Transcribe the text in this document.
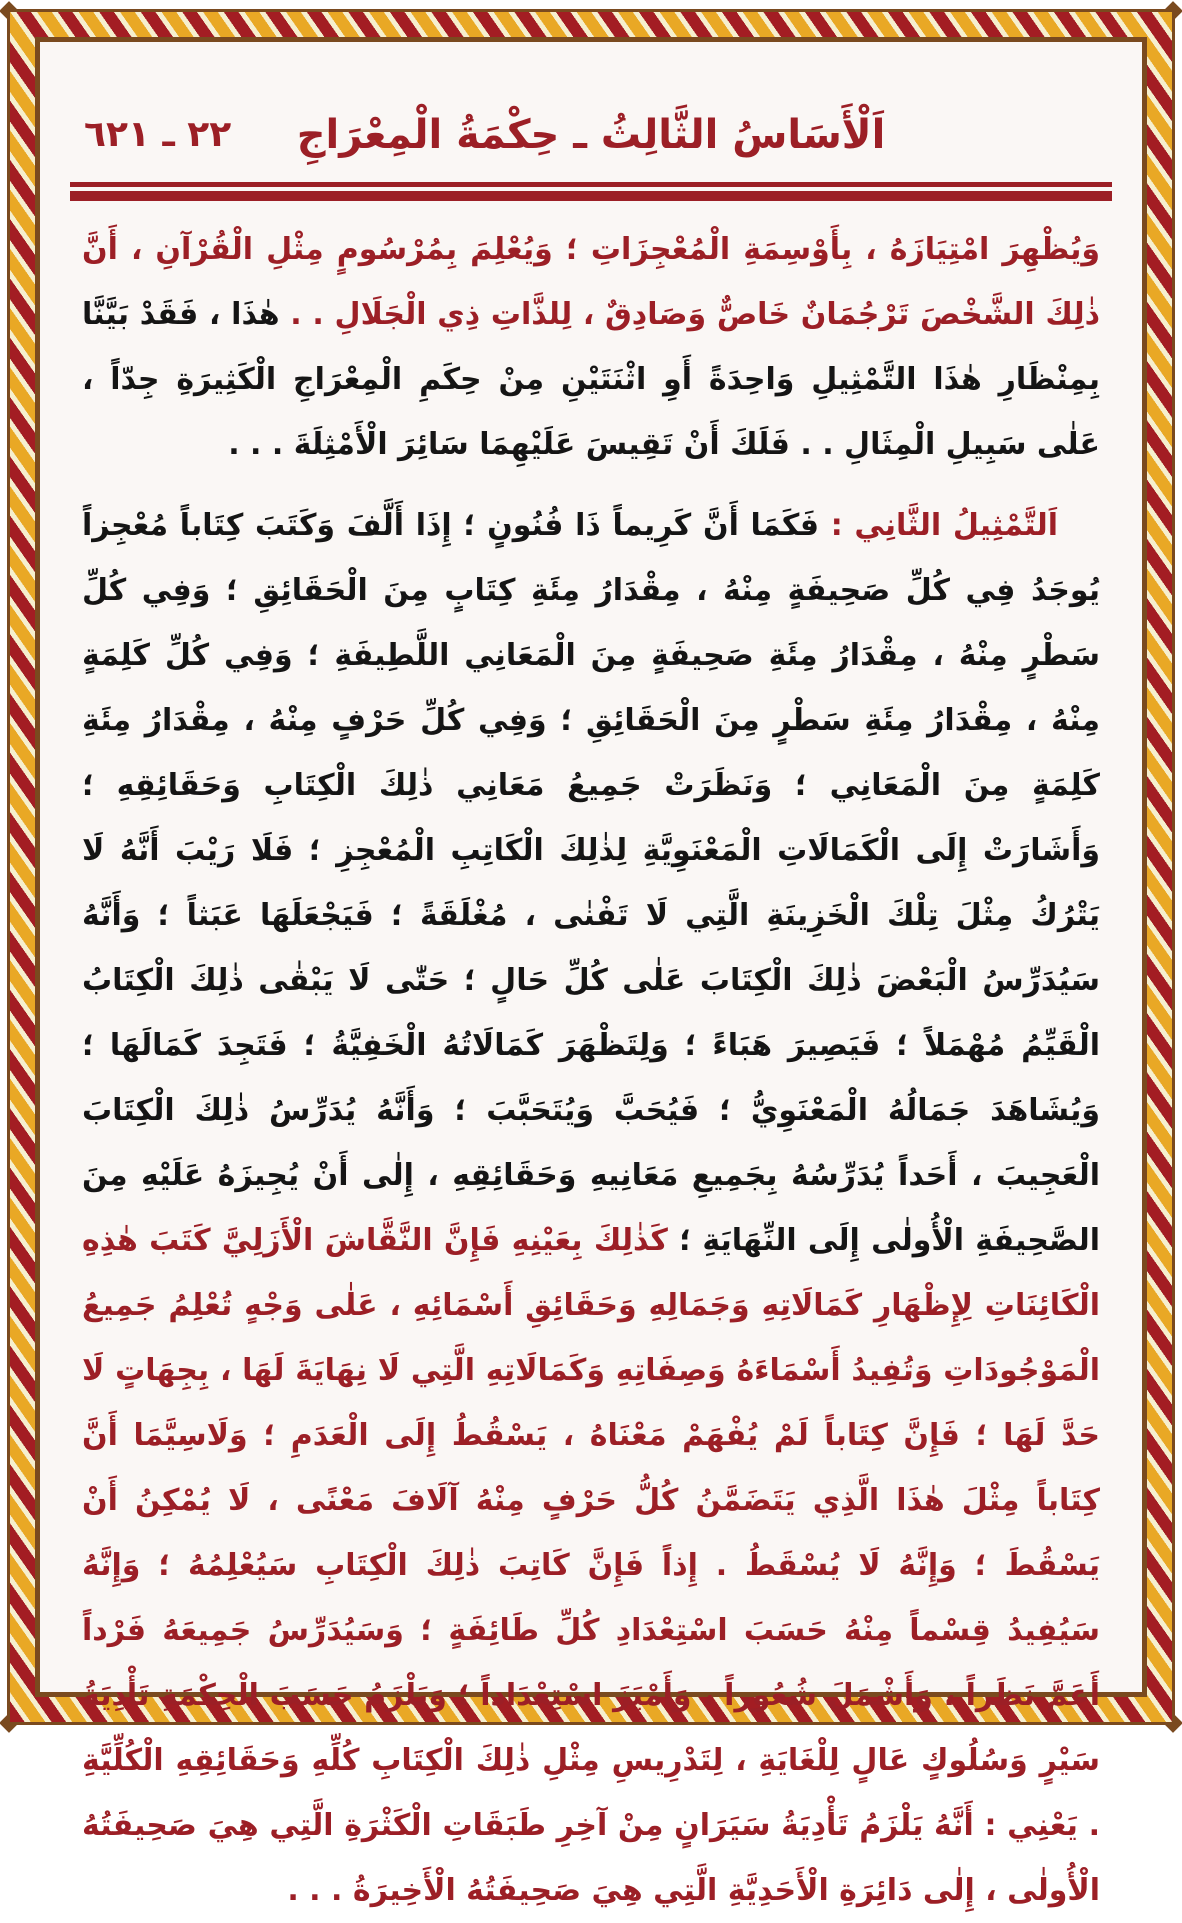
اَلْأَسَاسُ الثَّالِثُ ـ حِكْمَةُ الْمِعْرَاجِ
٢٢ ـ ٦٢١

وَيُظْهِرَ امْتِيَازَهُ ، بِأَوْسِمَةِ الْمُعْجِزَاتِ ؛ وَيُعْلِمَ بِمُرْسُومٍ مِثْلِ الْقُرْآنِ ، أَنَّ ذٰلِكَ الشَّخْصَ تَرْجُمَانٌ خَاصٌّ وَصَادِقٌ ، لِلذَّاتِ ذِي الْجَلَالِ . . هٰذَا ، فَقَدْ بَيَّنَّا بِمِنْظَارِ هٰذَا التَّمْثِيلِ وَاحِدَةً أَوِ اثْنَتَيْنِ مِنْ حِكَمِ الْمِعْرَاجِ الْكَثِيرَةِ جِدّاً ، عَلٰى سَبِيلِ الْمِثَالِ . . فَلَكَ أَنْ تَقِيسَ عَلَيْهِمَا سَائِرَ الْأَمْثِلَةَ . . .

اَلتَّمْثِيلُ الثَّانِي : فَكَمَا أَنَّ كَرِيماً ذَا فُنُونٍ ؛ إِذَا أَلَّفَ وَكَتَبَ كِتَاباً مُعْجِزاً يُوجَدُ فِي كُلِّ صَحِيفَةٍ مِنْهُ ، مِقْدَارُ مِئَةِ كِتَابٍ مِنَ الْحَقَائِقِ ؛ وَفِي كُلِّ سَطْرٍ مِنْهُ ، مِقْدَارُ مِئَةِ صَحِيفَةٍ مِنَ الْمَعَانِي اللَّطِيفَةِ ؛ وَفِي كُلِّ كَلِمَةٍ مِنْهُ ، مِقْدَارُ مِئَةِ سَطْرٍ مِنَ الْحَقَائِقِ ؛ وَفِي كُلِّ حَرْفٍ مِنْهُ ، مِقْدَارُ مِئَةِ كَلِمَةٍ مِنَ الْمَعَانِي ؛ وَنَظَرَتْ جَمِيعُ مَعَانِي ذٰلِكَ الْكِتَابِ وَحَقَائِقِهِ ؛ وَأَشَارَتْ إِلَى الْكَمَالَاتِ الْمَعْنَوِيَّةِ لِذٰلِكَ الْكَاتِبِ الْمُعْجِزِ ؛ فَلَا رَيْبَ أَنَّهُ لَا يَتْرُكُ مِثْلَ تِلْكَ الْخَزِينَةِ الَّتِي لَا تَفْنٰى ، مُغْلَقَةً ؛ فَيَجْعَلَهَا عَبَثاً ؛ وَأَنَّهُ سَيُدَرِّسُ الْبَعْضَ ذٰلِكَ الْكِتَابَ عَلٰى كُلِّ حَالٍ ؛ حَتّٰى لَا يَبْقٰى ذٰلِكَ الْكِتَابُ الْقَيِّمُ مُهْمَلاً ؛ فَيَصِيرَ هَبَاءً ؛ وَلِتَظْهَرَ كَمَالَاتُهُ الْخَفِيَّةُ ؛ فَتَجِدَ كَمَالَهَا ؛ وَيُشَاهَدَ جَمَالُهُ الْمَعْنَوِيُّ ؛ فَيُحَبَّ وَيُتَحَبَّبَ ؛ وَأَنَّهُ يُدَرِّسُ ذٰلِكَ الْكِتَابَ الْعَجِيبَ ، أَحَداً يُدَرِّسُهُ بِجَمِيعِ مَعَانِيهِ وَحَقَائِقِهِ ، إِلٰى أَنْ يُجِيزَهُ عَلَيْهِ مِنَ الصَّحِيفَةِ الْأُولٰى إِلَى النِّهَايَةِ ؛ كَذٰلِكَ بِعَيْنِهِ فَإِنَّ النَّقَّاشَ الْأَزَلِيَّ كَتَبَ هٰذِهِ الْكَائِنَاتِ لِإِظْهَارِ كَمَالَاتِهِ وَجَمَالِهِ وَحَقَائِقِ أَسْمَائِهِ ، عَلٰى وَجْهٍ تُعْلِمُ جَمِيعُ الْمَوْجُودَاتِ وَتُفِيدُ أَسْمَاءَهُ وَصِفَاتِهِ وَكَمَالَاتِهِ الَّتِي لَا نِهَايَةَ لَهَا ، بِجِهَاتٍ لَا حَدَّ لَهَا ؛ فَإِنَّ كِتَاباً لَمْ يُفْهَمْ مَعْنَاهُ ، يَسْقُطُ إِلَى الْعَدَمِ ؛ وَلَاسِيَّمَا أَنَّ كِتَاباً مِثْلَ هٰذَا الَّذِي يَتَضَمَّنُ كُلُّ حَرْفٍ مِنْهُ آلَافَ مَعْنًى ، لَا يُمْكِنُ أَنْ يَسْقُطَ ؛ وَإِنَّهُ لَا يُسْقَطُ . إِذاً فَإِنَّ كَاتِبَ ذٰلِكَ الْكِتَابِ سَيُعْلِمُهُ ؛ وَإِنَّهُ سَيُفِيدُ قِسْماً مِنْهُ حَسَبَ اسْتِعْدَادِ كُلِّ طَائِفَةٍ ؛ وَسَيُدَرِّسُ جَمِيعَهُ فَرْداً أَعَمَّ نَظَراً ، وَأَشْمَلَ شُعُوراً ، وَأَمْيَزَ اسْتِعْدَاداً ؛ وَيَلْزَمُ حَسَبَ الْحِكْمَةِ تَأْدِيَةُ سَيْرٍ وَسُلُوكٍ عَالٍ لِلْغَايَةِ ، لِتَدْرِيسِ مِثْلِ ذٰلِكَ الْكِتَابِ كُلِّهِ وَحَقَائِقِهِ الْكُلِّيَّةِ . يَعْنِي : أَنَّهُ يَلْزَمُ تَأْدِيَةُ سَيَرَانٍ مِنْ آخِرِ طَبَقَاتِ الْكَثْرَةِ الَّتِي هِيَ صَحِيفَتُهُ الْأُولٰى ، إِلٰى دَائِرَةِ الْأَحَدِيَّةِ الَّتِي هِيَ صَحِيفَتُهُ الْأَخِيرَةُ . . .
